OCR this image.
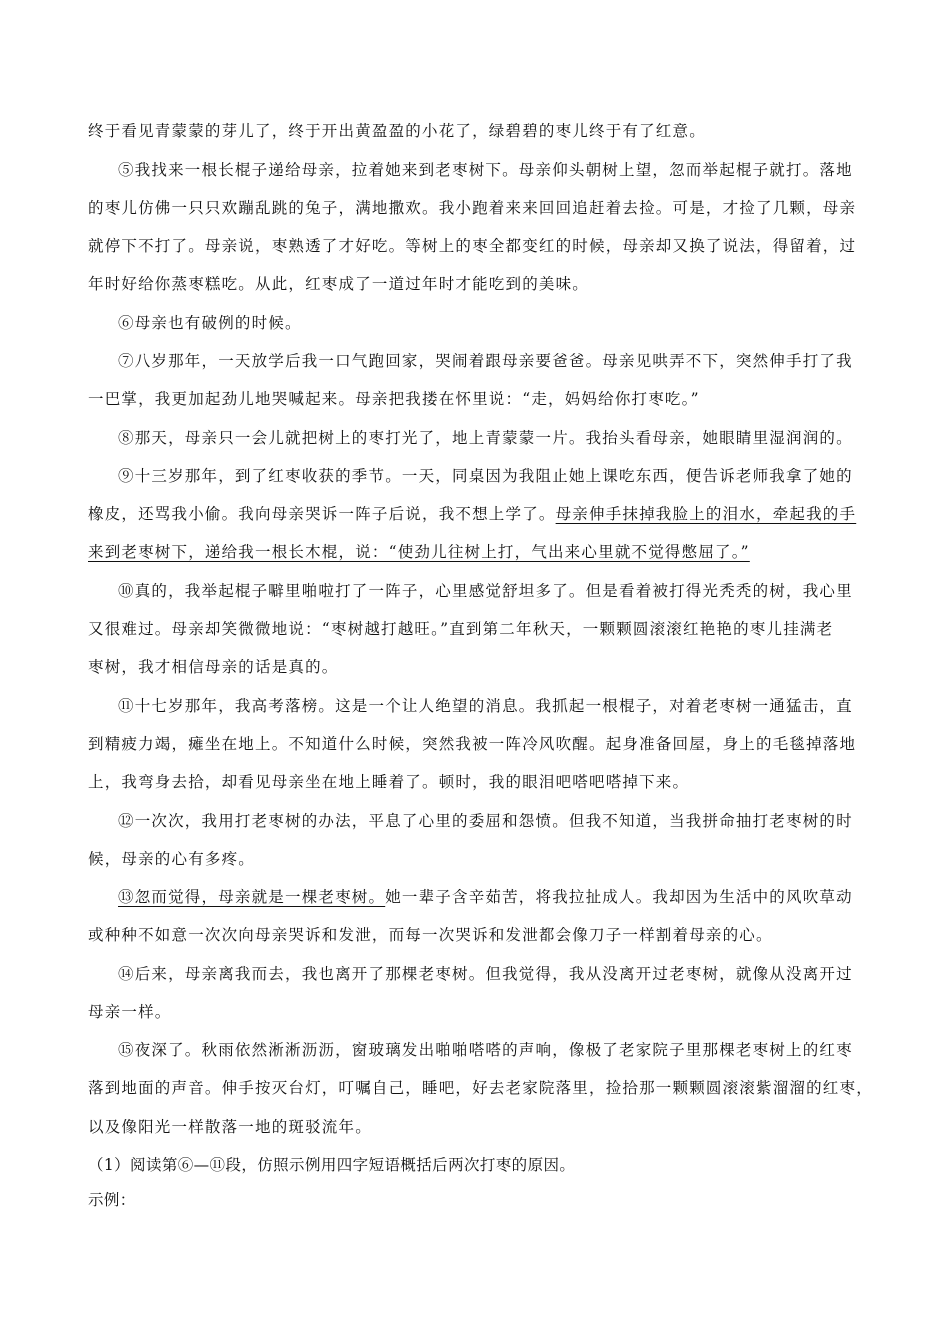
终于看见青蒙蒙的芽儿了，终于开出黄盈盈的小花了，绿碧碧的枣儿终于有了红意。
⑤我找来一根长棍子递给母亲，拉着她来到老枣树下。母亲仰头朝树上望，忽而举起棍子就打。落地
的枣儿仿佛一只只欢蹦乱跳的兔子，满地撒欢。我小跑着来来回回追赶着去捡。可是，才捡了几颗，母亲
就停下不打了。母亲说，枣熟透了才好吃。等树上的枣全都变红的时候，母亲却又换了说法，得留着，过
年时好给你蒸枣糕吃。从此，红枣成了一道过年时才能吃到的美味。
⑥母亲也有破例的时候。
⑦八岁那年，一天放学后我一口气跑回家，哭闹着跟母亲要爸爸。母亲见哄弄不下，突然伸手打了我
一巴掌，我更加起劲儿地哭喊起来。母亲把我搂在怀里说：“走，妈妈给你打枣吃。”
⑧那天，母亲只一会儿就把树上的枣打光了，地上青蒙蒙一片。我抬头看母亲，她眼睛里湿润润的。
⑨十三岁那年，到了红枣收获的季节。一天，同桌因为我阻止她上课吃东西，便告诉老师我拿了她的
橡皮，还骂我小偷。我向母亲哭诉一阵子后说，我不想上学了。母亲伸手抹掉我脸上的泪水，牵起我的手
来到老枣树下，递给我一根长木棍，说：“使劲儿往树上打，气出来心里就不觉得憋屈了。”
⑩真的，我举起棍子噼里啪啦打了一阵子，心里感觉舒坦多了。但是看着被打得光秃秃的树，我心里
又很难过。母亲却笑微微地说：“枣树越打越旺。”直到第二年秋天，一颗颗圆滚滚红艳艳的枣儿挂满老
枣树，我才相信母亲的话是真的。
⑪十七岁那年，我高考落榜。这是一个让人绝望的消息。我抓起一根棍子，对着老枣树一通猛击，直
到精疲力竭，瘫坐在地上。不知道什么时候，突然我被一阵冷风吹醒。起身准备回屋，身上的毛毯掉落地
上，我弯身去拾，却看见母亲坐在地上睡着了。顿时，我的眼泪吧嗒吧嗒掉下来。
⑫一次次，我用打老枣树的办法，平息了心里的委屈和怨愤。但我不知道，当我拼命抽打老枣树的时
候，母亲的心有多疼。
⑬忽而觉得，母亲就是一棵老枣树。她一辈子含辛茹苦，将我拉扯成人。我却因为生活中的风吹草动
或种种不如意一次次向母亲哭诉和发泄，而每一次哭诉和发泄都会像刀子一样割着母亲的心。
⑭后来，母亲离我而去，我也离开了那棵老枣树。但我觉得，我从没离开过老枣树，就像从没离开过
母亲一样。
⑮夜深了。秋雨依然淅淅沥沥，窗玻璃发出啪啪嗒嗒的声响，像极了老家院子里那棵老枣树上的红枣
落到地面的声音。伸手按灭台灯，叮嘱自己，睡吧，好去老家院落里，捡拾那一颗颗圆滚滚紫溜溜的红枣，
以及像阳光一样散落一地的斑驳流年。
（1）阅读第⑥—⑪段，仿照示例用四字短语概括后两次打枣的原因。
示例：
